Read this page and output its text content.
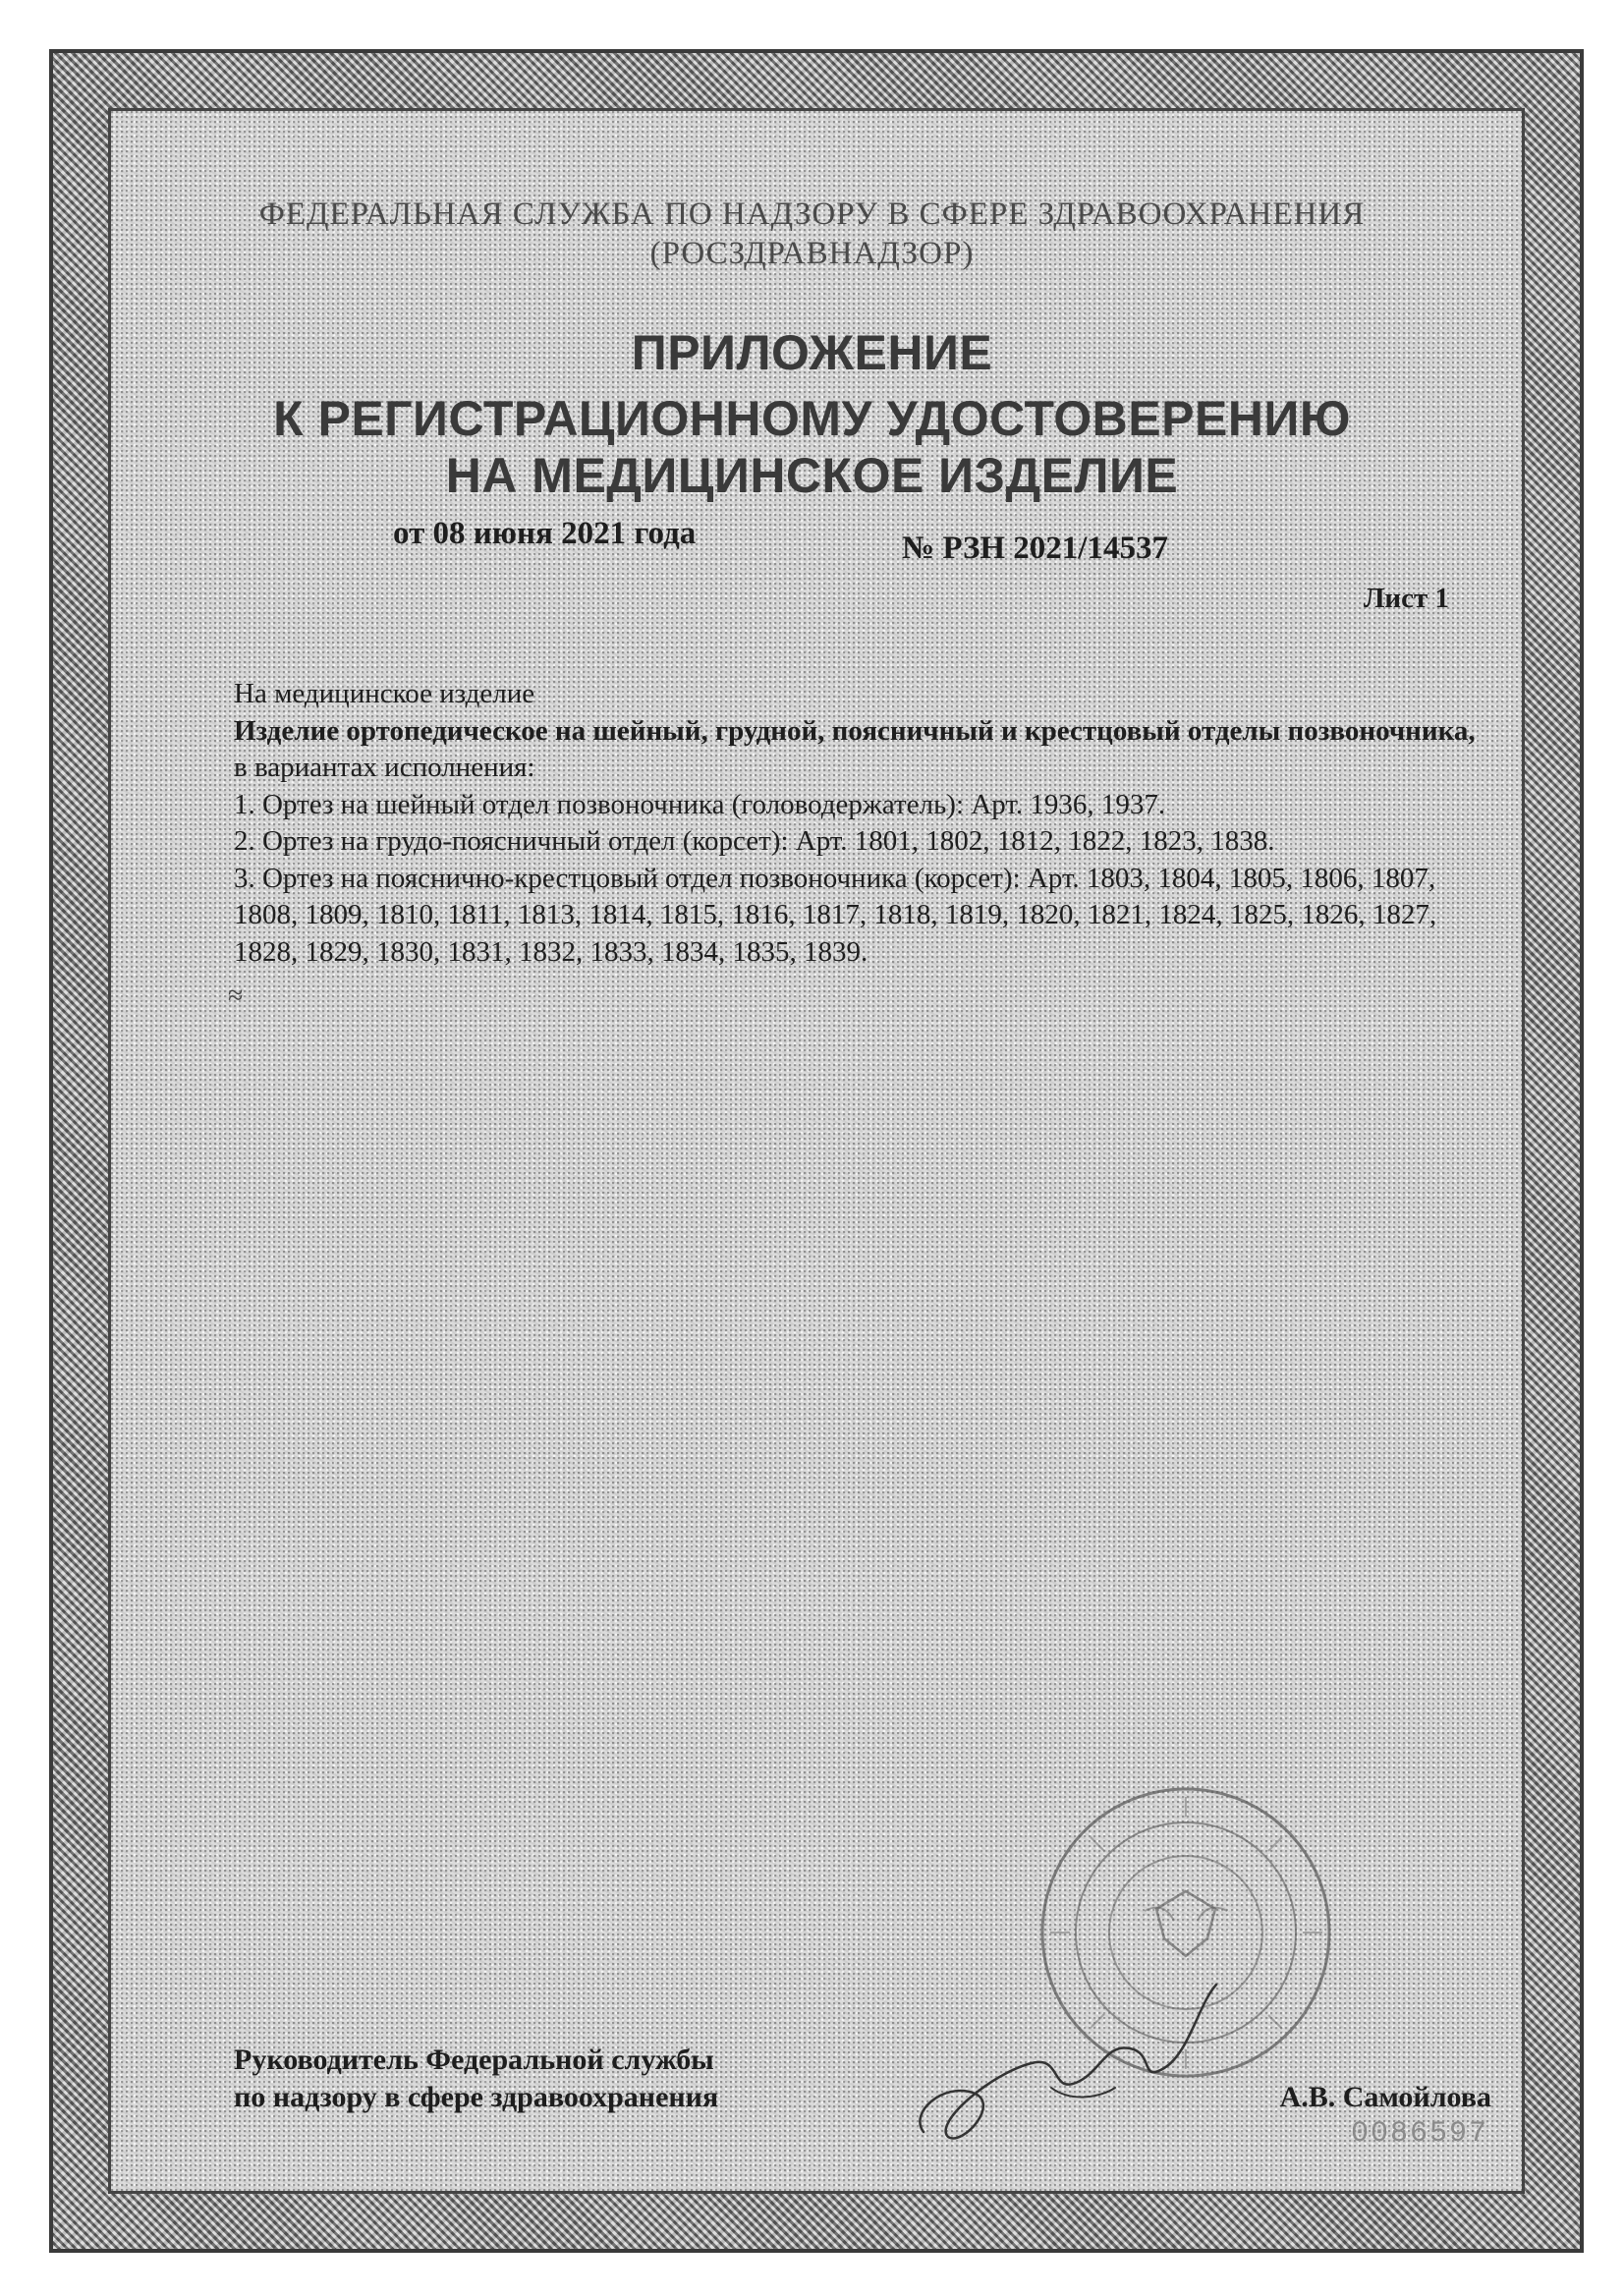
ФЕДЕРАЛЬНАЯ СЛУЖБА ПО НАДЗОРУ В СФЕРЕ ЗДРАВООХРАНЕНИЯ
(РОСЗДРАВНАДЗОР)
ПРИЛОЖЕНИЕ
К РЕГИСТРАЦИОННОМУ УДОСТОВЕРЕНИЮ
НА МЕДИЦИНСКОЕ ИЗДЕЛИЕ
от 08 июня 2021 года	№ РЗН 2021/14537
Лист 1

На медицинское изделие

Изделие ортопедическое на шейный, грудной, поясничный и крестцовый отделы позвоночника, в вариантах исполнения:

1. Ортез на шейный отдел позвоночника (головодержатель): Арт. 1936, 1937.

2. Ортез на грудо-поясничный отдел (корсет): Арт. 1801, 1802, 1812, 1822, 1823, 1838.

3. Ортез на пояснично-крестцовый отдел позвоночника (корсет): Арт. 1803, 1804, 1805, 1806, 1807, 1808, 1809, 1810, 1811, 1813, 1814, 1815, 1816, 1817, 1818, 1819, 1820, 1821, 1824, 1825, 1826, 1827, 1828, 1829, 1830, 1831, 1832, 1833, 1834, 1835, 1839.

≈
Руководитель Федеральной службы
по надзору в сфере здравоохранения	А.В. Самойлова
0086597
